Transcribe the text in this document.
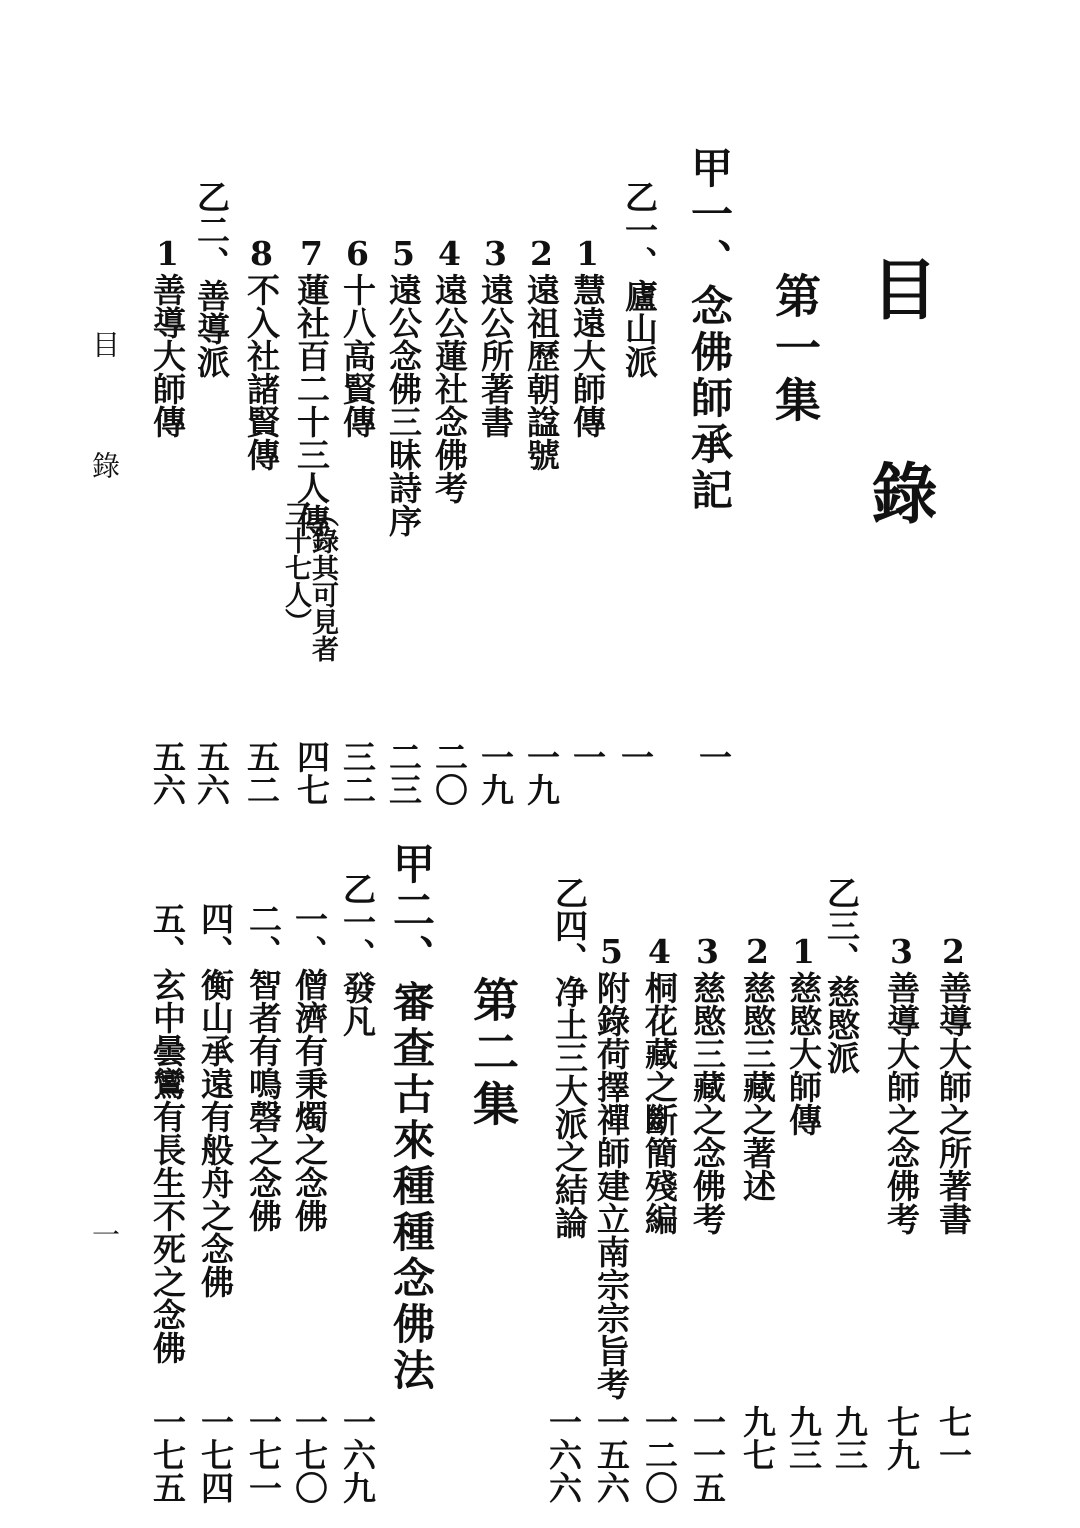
目 錄
第一集
甲一、念佛師承記
乙一、廬山派
1慧遠大師傳
2遠祖歷朝諡號
3遠公所著書
4遠公蓮社念佛考
5遠公念佛三昧詩序
6十八高賢傳
7蓮社百二十三人傳
︵錄其可見者
三十七人︶
8不入社諸賢傳
乙二、善導派
1善導大師傳
一
一
一
一九
一九
二〇
二三
三二
四七
五二
五六
五六
2善導大師之所著書
3善導大師之念佛考
乙三、慈愍派
1慈愍大師傳
2慈愍三藏之著述
3慈愍三藏之念佛考
4桐花藏之斷簡殘編
5附錄荷擇禪師建立南宗宗旨考
乙四、净土三大派之結論
第二集
甲二、審查古來種種念佛法
乙一、發凡
一、僧濟有秉燭之念佛
二、智者有鳴磬之念佛
四、衡山承遠有般舟之念佛
五、玄中曇鸞有長生不死之念佛
七一
七九
九三
九三
九七
一一五
一二〇
一五六
一六六
一六九
一七〇
一七一
一七四
一七五
目 錄
一
